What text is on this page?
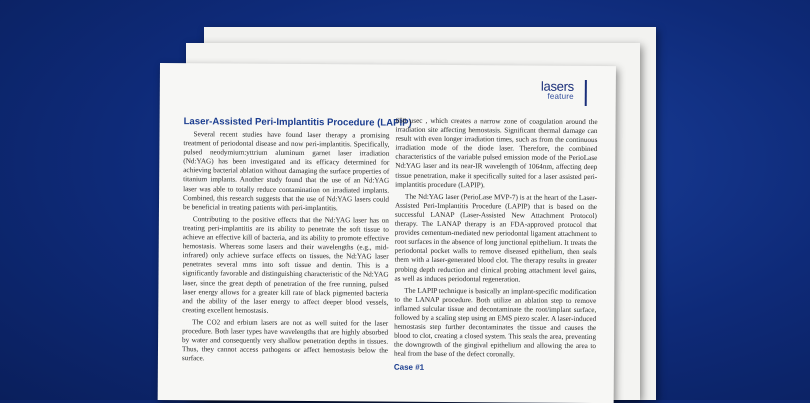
lasers
feature
Laser-Assisted Peri-Implantitis Procedure (LAPIP)

Several recent studies have found laser therapy a promising treatment of periodontal disease and now peri-implantitis. Specifically, pulsed neodymium:yttrium aluminum garnet laser irradiation (Nd:YAG) has been investigated and its efficacy determined for achieving bacterial ablation without damaging the surface properties of titanium implants. Another study found that the use of an Nd:YAG laser was able to totally reduce contamination on irradiated implants. Combined, this research suggests that the use of Nd:YAG lasers could be beneficial in treating patients with peri-implantitis.

Contributing to the positive effects that the Nd:YAG laser has on treating peri-implantitis are its ability to penetrate the soft tissue to achieve an effective kill of bacteria, and its ability to promote effective hemostasis. Whereas some lasers and their wavelengths (e.g., mid-infrared) only achieve surface effects on tissues, the Nd:YAG laser penetrates several mms into soft tissue and dentin. This is a significantly favorable and distinguishing characteristic of the Nd:YAG laser, since the great depth of penetration of the free running, pulsed laser energy allows for a greater kill rate of black pigmented bacteria and the ability of the laser energy to affect deeper blood vessels, creating excellent hemostasis.

The CO2 and erbium lasers are not as well suited for the laser procedure. Both laser types have wavelengths that are highly absorbed by water and consequently very shallow penetration depths in tissues. Thus, they cannot access pathogens or affect hemostasis below the surface.

650 μsec , which creates a narrow zone of coagulation around the irradiation site affecting hemostasis. Significant thermal damage can result with even longer irradiation times, such as from the continuous irradiation mode of the diode laser. Therefore, the combined characteristics of the variable pulsed emission mode of the PerioLase Nd:YAG laser and its near-IR wavelength of 1064nm, affecting deep tissue penetration, make it specifically suited for a laser assisted peri-implantitis procedure (LAPIP).

The Nd:YAG laser (PerioLase MVP-7) is at the heart of the Laser-Assisted Peri-Implantitis Procedure (LAPIP) that is based on the successful LANAP (Laser-Assisted New Attachment Protocol) therapy. The LANAP therapy is an FDA-approved protocol that provides cementum-mediated new periodontal ligament attachment to root surfaces in the absence of long junctional epithelium. It treats the periodontal pocket walls to remove diseased epithelium, then seals them with a laser-generated blood clot. The therapy results in greater probing depth reduction and clinical probing attachment level gains, as well as induces periodontal regeneration.

The LAPIP technique is basically an implant-specific modification to the LANAP procedure. Both utilize an ablation step to remove inflamed sulcular tissue and decontaminate the root/implant surface, followed by a scaling step using an EMS piezo scaler. A laser-induced hemostasis step further decontaminates the tissue and causes the blood to clot, creating a closed system. This seals the area, preventing the downgrowth of the gingival epithelium and allowing the area to heal from the base of the defect coronally.

Case #1
